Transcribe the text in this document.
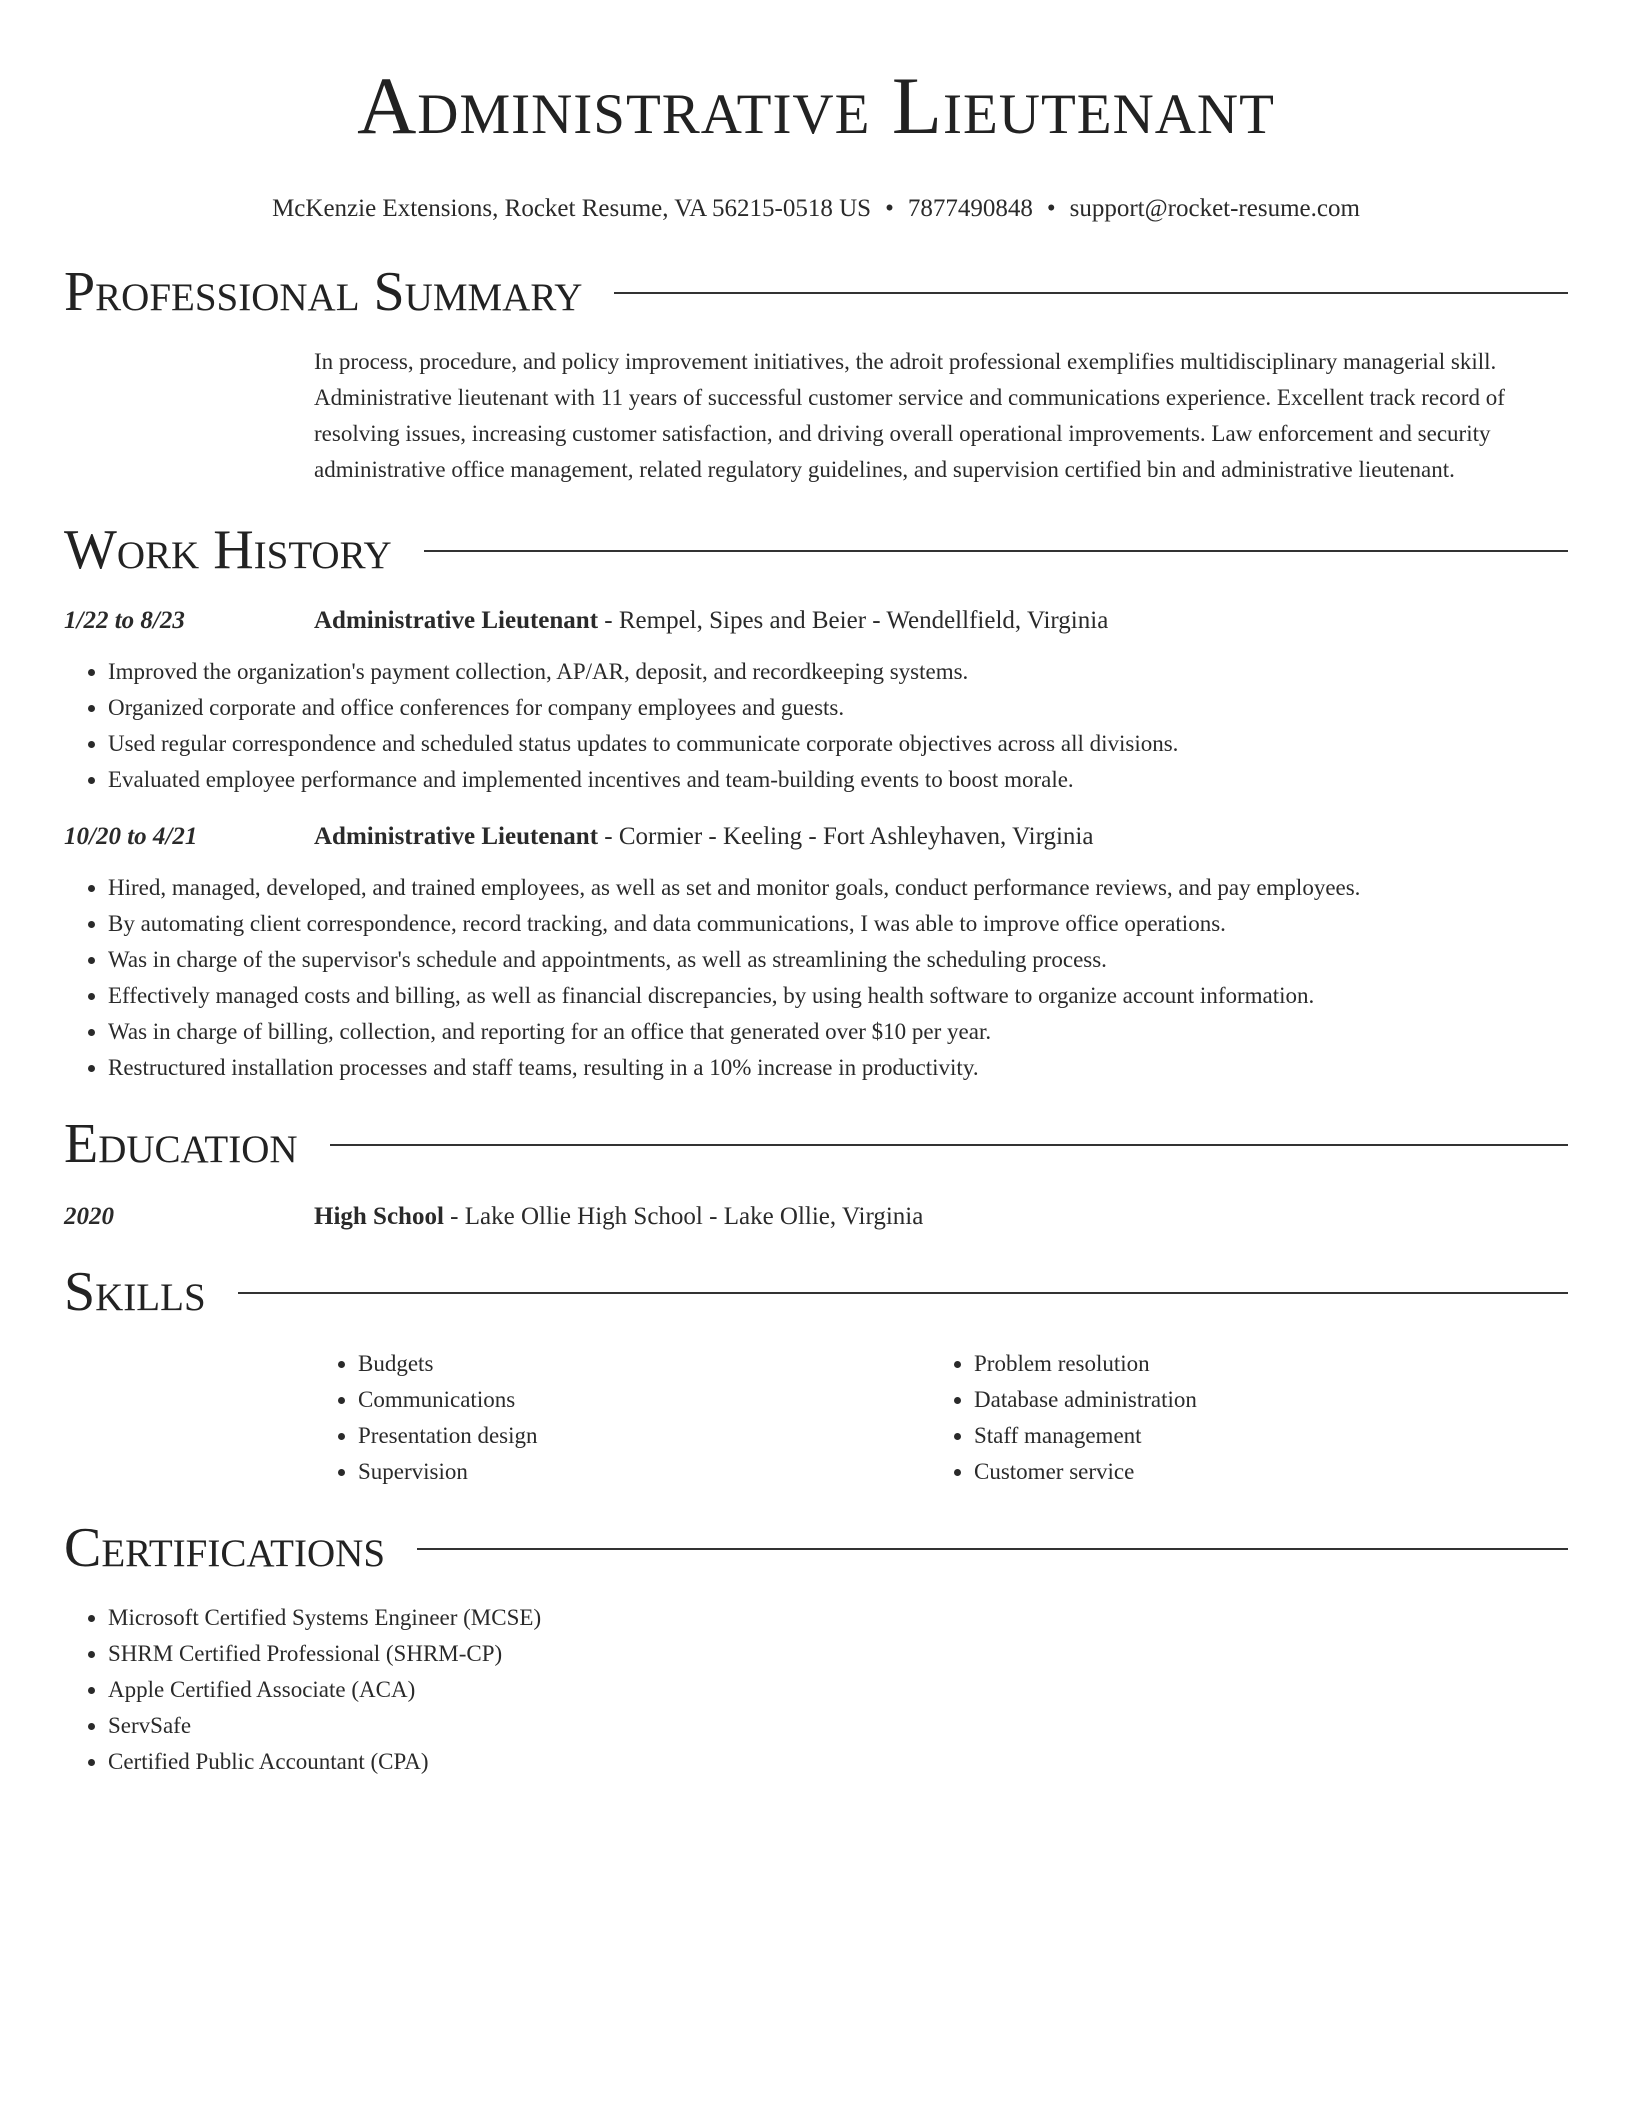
Administrative Lieutenant
McKenzie Extensions, Rocket Resume, VA 56215-0518 US • 7877490848 • support@rocket-resume.com
Professional Summary
In process, procedure, and policy improvement initiatives, the adroit professional exemplifies multidisciplinary managerial skill. Administrative lieutenant with 11 years of successful customer service and communications experience. Excellent track record of resolving issues, increasing customer satisfaction, and driving overall operational improvements. Law enforcement and security administrative office management, related regulatory guidelines, and supervision certified bin and administrative lieutenant.
Work History
1/22 to 8/23	Administrative Lieutenant - Rempel, Sipes and Beier - Wendellfield, Virginia
• Improved the organization's payment collection, AP/AR, deposit, and recordkeeping systems.
• Organized corporate and office conferences for company employees and guests.
• Used regular correspondence and scheduled status updates to communicate corporate objectives across all divisions.
• Evaluated employee performance and implemented incentives and team-building events to boost morale.
10/20 to 4/21	Administrative Lieutenant - Cormier - Keeling - Fort Ashleyhaven, Virginia
• Hired, managed, developed, and trained employees, as well as set and monitor goals, conduct performance reviews, and pay employees.
• By automating client correspondence, record tracking, and data communications, I was able to improve office operations.
• Was in charge of the supervisor's schedule and appointments, as well as streamlining the scheduling process.
• Effectively managed costs and billing, as well as financial discrepancies, by using health software to organize account information.
• Was in charge of billing, collection, and reporting for an office that generated over $10 per year.
• Restructured installation processes and staff teams, resulting in a 10% increase in productivity.
Education
2020	High School - Lake Ollie High School - Lake Ollie, Virginia
Skills
• Budgets
• Communications
• Presentation design
• Supervision
• Problem resolution
• Database administration
• Staff management
• Customer service
Certifications
• Microsoft Certified Systems Engineer (MCSE)
• SHRM Certified Professional (SHRM-CP)
• Apple Certified Associate (ACA)
• ServSafe
• Certified Public Accountant (CPA)
